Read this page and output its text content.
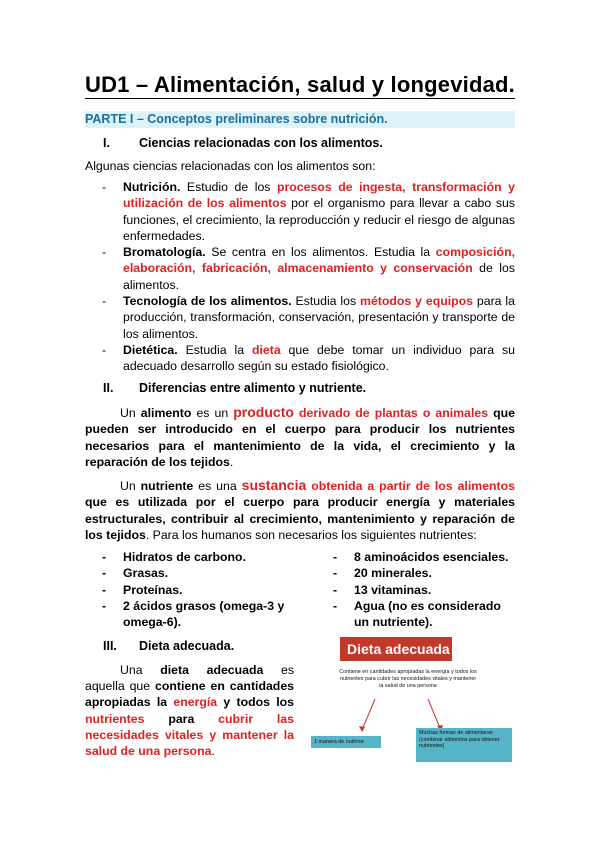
UD1 – Alimentación, salud y longevidad.
PARTE I – Conceptos preliminares sobre nutrición.
I. Ciencias relacionadas con los alimentos.
Algunas ciencias relacionadas con los alimentos son:
- Nutrición. Estudio de los procesos de ingesta, transformación y utilización de los alimentos por el organismo para llevar a cabo sus funciones, el crecimiento, la reproducción y reducir el riesgo de algunas enfermedades.
- Bromatología. Se centra en los alimentos. Estudia la composición, elaboración, fabricación, almacenamiento y conservación de los alimentos.
- Tecnología de los alimentos. Estudia los métodos y equipos para la producción, transformación, conservación, presentación y transporte de los alimentos.
- Dietética. Estudia la dieta que debe tomar un individuo para su adecuado desarrollo según su estado fisiológico.
II. Diferencias entre alimento y nutriente.

Un alimento es un producto derivado de plantas o animales que pueden ser introducido en el cuerpo para producir los nutrientes necesarios para el mantenimiento de la vida, el crecimiento y la reparación de los tejidos.

Un nutriente es una sustancia obtenida a partir de los alimentos que es utilizada por el cuerpo para producir energía y materiales estructurales, contribuir al crecimiento, mantenimiento y reparación de los tejidos. Para los humanos son necesarios los siguientes nutrientes:

- Hidratos de carbono.
- Grasas.
- Proteínas.
- 2 ácidos grasos (omega-3 y omega-6).
- 8 aminoácidos esenciales.
- 20 minerales.
- 13 vitaminas.
- Agua (no es considerado un nutriente).
III. Dieta adecuada.

Una dieta adecuada es aquella que contiene en cantidades apropiadas la energía y todos los nutrientes para cubrir las necesidades vitales y mantener la salud de una persona.

Dieta adecuada
Contiene en cantidades apropiadas la energía y todos los nutrientes para cubrir las necesidades vitales y mantener la salud de una persona
1 manera de nutrirse
Muchas formas de alimentarse (combinar alimentos para obtener nutrientes)
